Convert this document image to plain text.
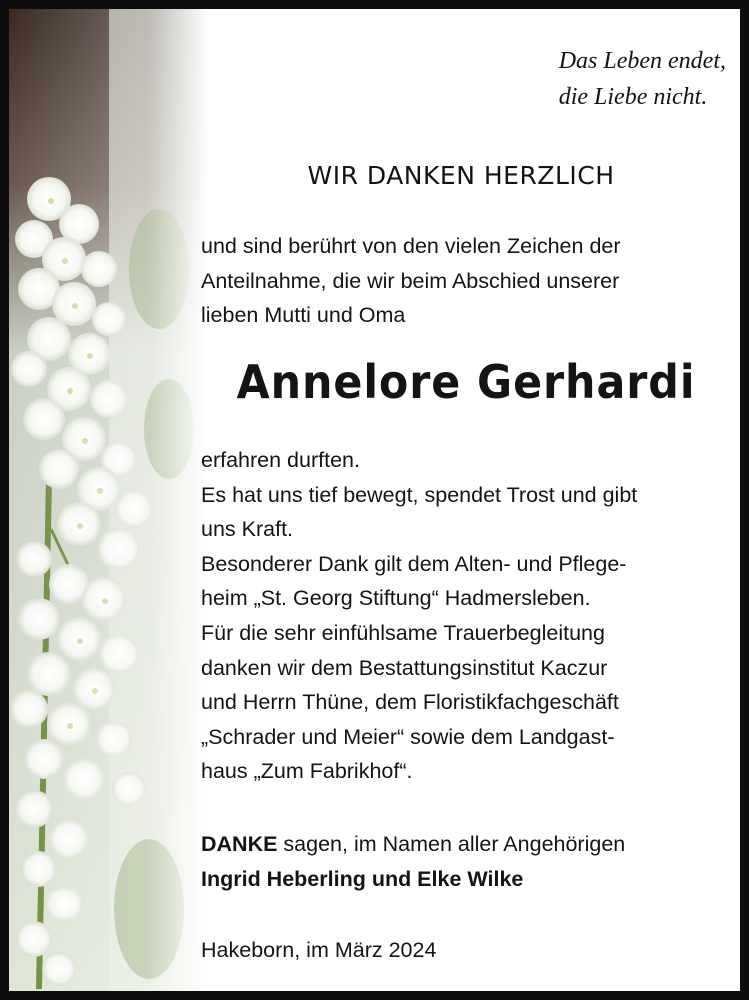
Das Leben endet,
die Liebe nicht.
WIR DANKEN HERZLICH
und sind berührt von den vielen Zeichen der
Anteilnahme, die wir beim Abschied unserer
lieben Mutti und Oma
Annelore Gerhardi
erfahren durften.
Es hat uns tief bewegt, spendet Trost und gibt
uns Kraft.
Besonderer Dank gilt dem Alten- und Pflege-
heim „St. Georg Stiftung“ Hadmersleben.
Für die sehr einfühlsame Trauerbegleitung
danken wir dem Bestattungsinstitut Kaczur
und Herrn Thüne, dem Floristikfachgeschäft
„Schrader und Meier“ sowie dem Landgast-
haus „Zum Fabrikhof“.
DANKE sagen, im Namen aller Angehörigen
Ingrid Heberling und Elke Wilke
Hakeborn, im März 2024
